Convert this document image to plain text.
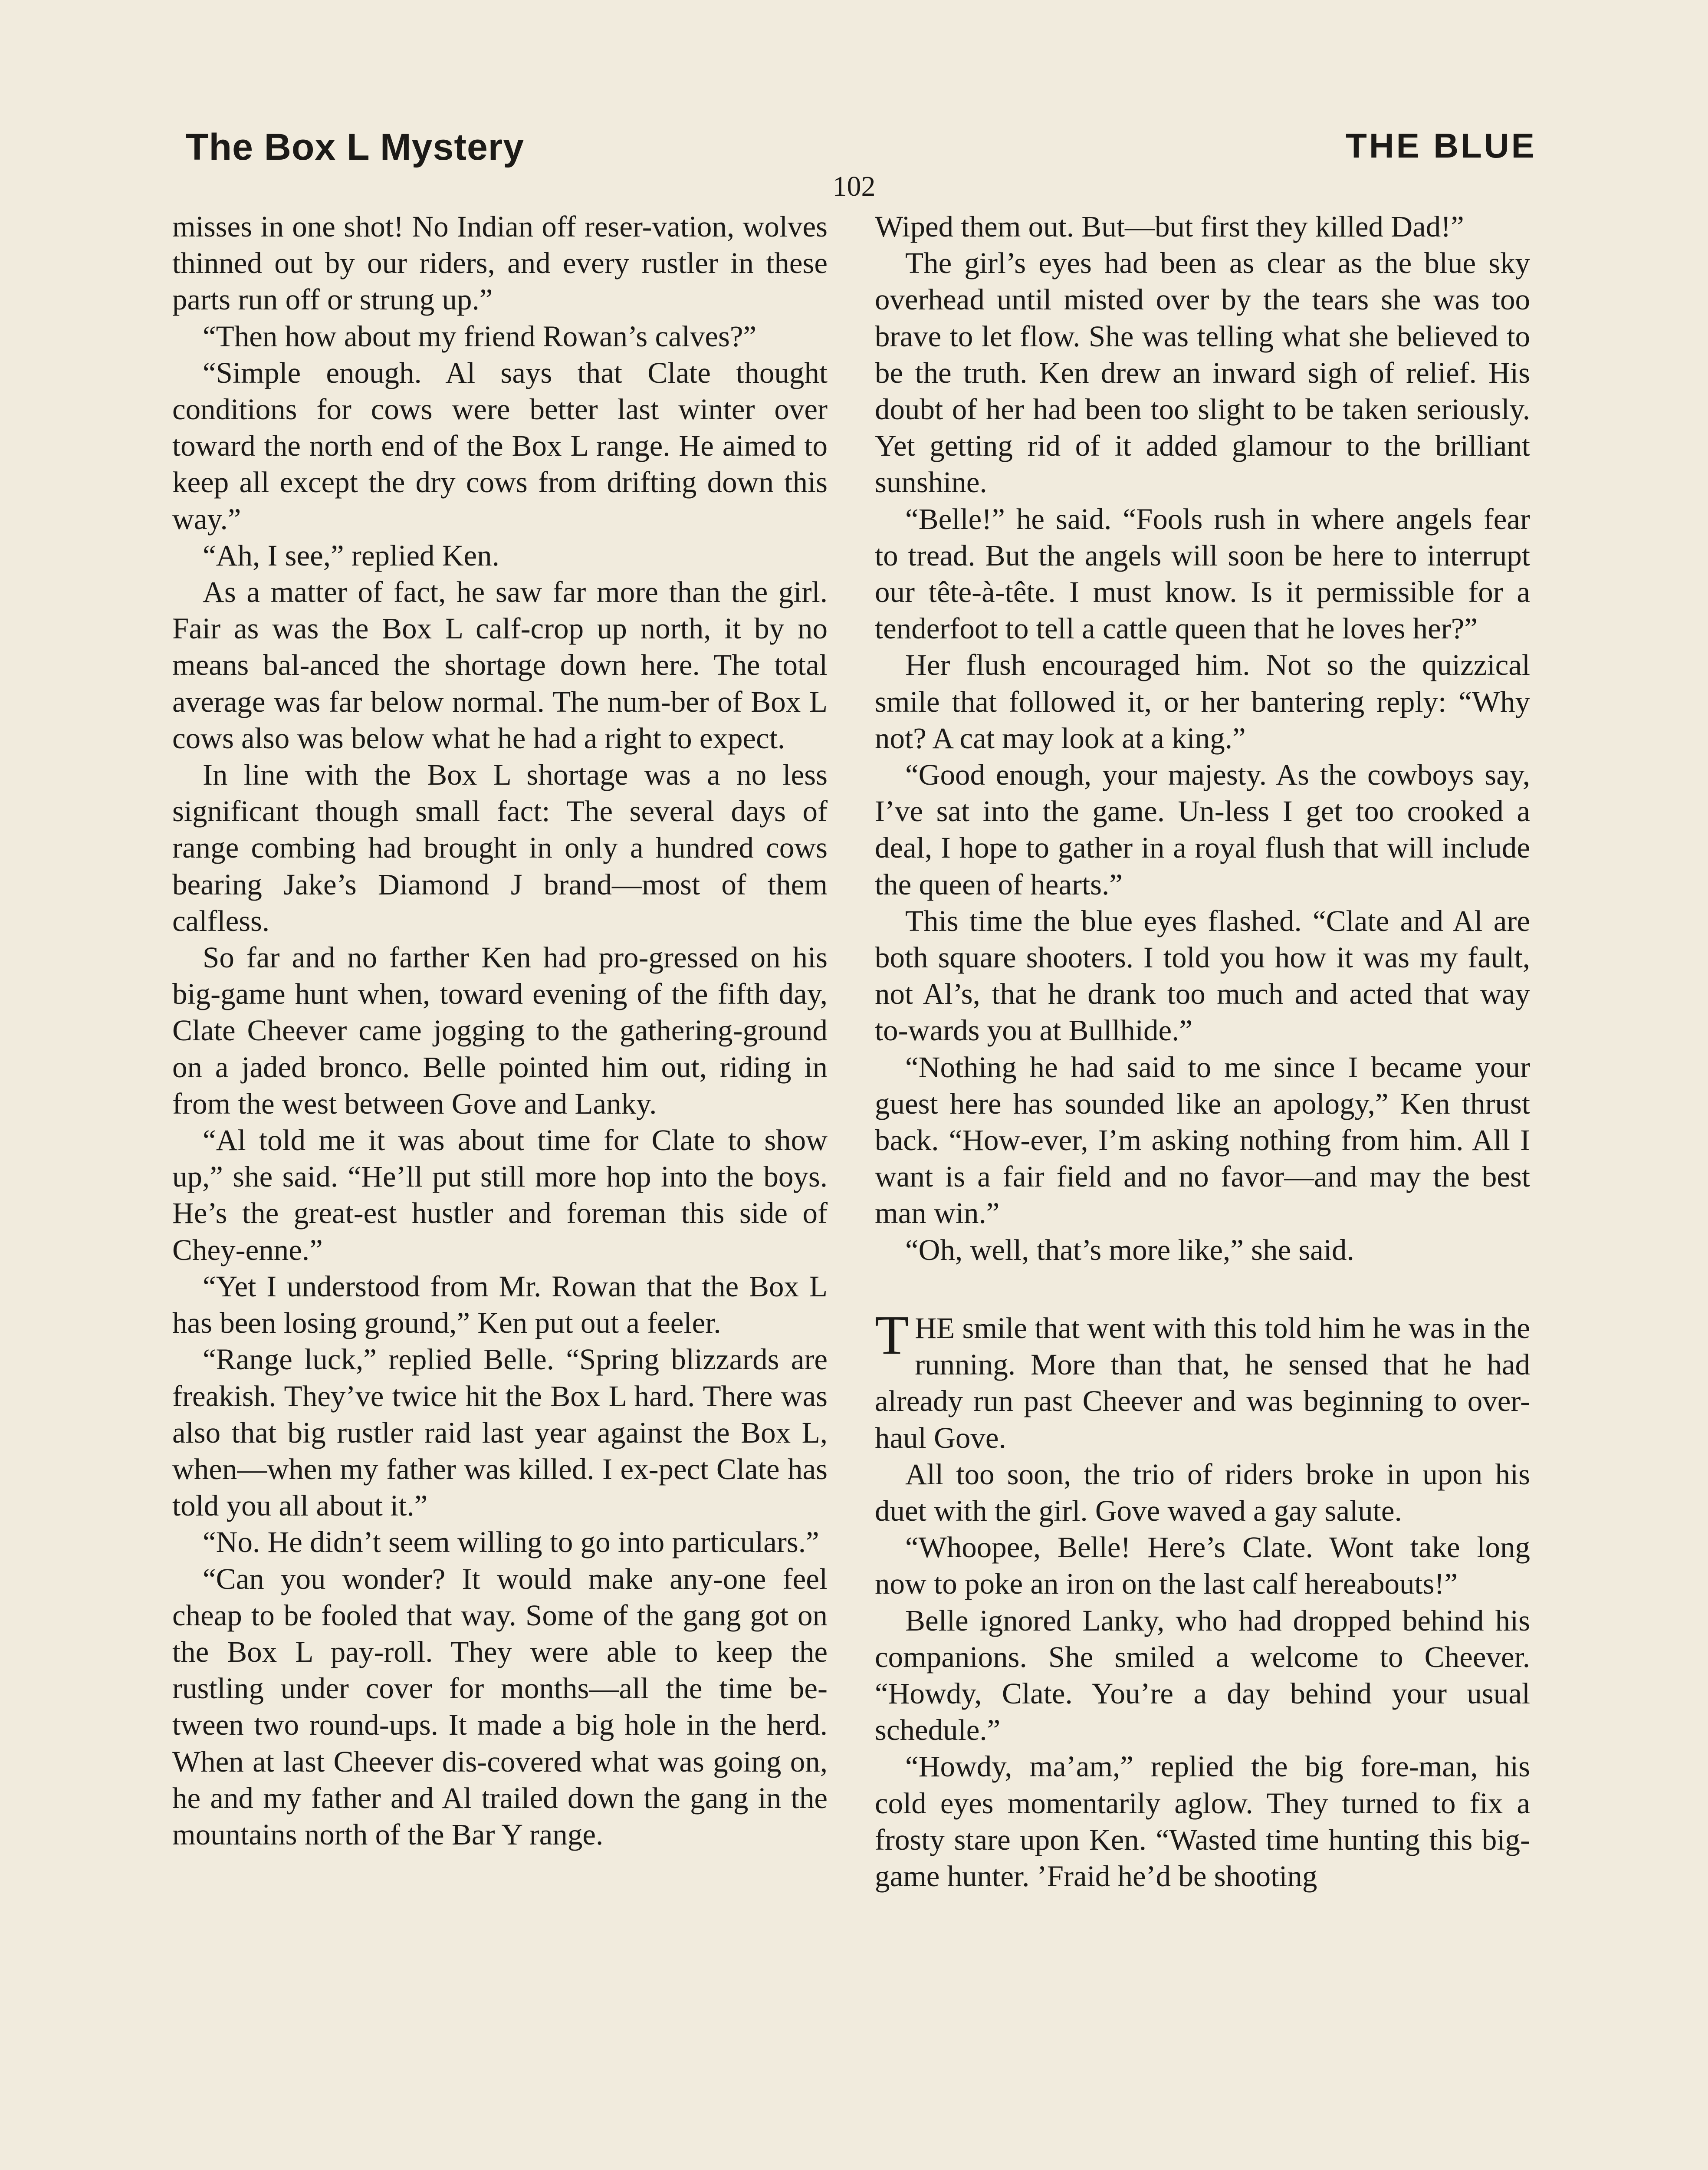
The Box L Mystery	THE BLUE
102

misses in one shot! No Indian off reser-vation, wolves thinned out by our riders, and every rustler in these parts run off or strung up.”

“Then how about my friend Rowan’s calves?”

“Simple enough. Al says that Clate thought conditions for cows were better last winter over toward the north end of the Box L range. He aimed to keep all except the dry cows from drifting down this way.”

“Ah, I see,” replied Ken.

As a matter of fact, he saw far more than the girl. Fair as was the Box L calf-crop up north, it by no means bal-anced the shortage down here. The total average was far below normal. The num-ber of Box L cows also was below what he had a right to expect.

In line with the Box L shortage was a no less significant though small fact: The several days of range combing had brought in only a hundred cows bearing Jake’s Diamond J brand—most of them calfless.

So far and no farther Ken had pro-gressed on his big-game hunt when, toward evening of the fifth day, Clate Cheever came jogging to the gathering-ground on a jaded bronco. Belle pointed him out, riding in from the west between Gove and Lanky.

“Al told me it was about time for Clate to show up,” she said. “He’ll put still more hop into the boys. He’s the great-est hustler and foreman this side of Chey-enne.”

“Yet I understood from Mr. Rowan that the Box L has been losing ground,” Ken put out a feeler.

“Range luck,” replied Belle. “Spring blizzards are freakish. They’ve twice hit the Box L hard. There was also that big rustler raid last year against the Box L, when—when my father was killed. I ex-pect Clate has told you all about it.”

“No. He didn’t seem willing to go into particulars.”

“Can you wonder? It would make any-one feel cheap to be fooled that way. Some of the gang got on the Box L pay-roll. They were able to keep the rustling under cover for months—all the time be-tween two round-ups. It made a big hole in the herd. When at last Cheever dis-covered what was going on, he and my father and Al trailed down the gang in the mountains north of the Bar Y range.

Wiped them out. But—but first they killed Dad!”

The girl’s eyes had been as clear as the blue sky overhead until misted over by the tears she was too brave to let flow. She was telling what she believed to be the truth. Ken drew an inward sigh of relief. His doubt of her had been too slight to be taken seriously. Yet getting rid of it added glamour to the brilliant sunshine.

“Belle!” he said. “Fools rush in where angels fear to tread. But the angels will soon be here to interrupt our tête-à-tête. I must know. Is it permissible for a tenderfoot to tell a cattle queen that he loves her?”

Her flush encouraged him. Not so the quizzical smile that followed it, or her bantering reply: “Why not? A cat may look at a king.”

“Good enough, your majesty. As the cowboys say, I’ve sat into the game. Un-less I get too crooked a deal, I hope to gather in a royal flush that will include the queen of hearts.”

This time the blue eyes flashed. “Clate and Al are both square shooters. I told you how it was my fault, not Al’s, that he drank too much and acted that way to-wards you at Bullhide.”

“Nothing he had said to me since I became your guest here has sounded like an apology,” Ken thrust back. “How-ever, I’m asking nothing from him. All I want is a fair field and no favor—and may the best man win.”

“Oh, well, that’s more like,” she said.

THE smile that went with this told him he was in the running. More than that, he sensed that he had already run past Cheever and was beginning to over-haul Gove.

All too soon, the trio of riders broke in upon his duet with the girl. Gove waved a gay salute.

“Whoopee, Belle! Here’s Clate. Wont take long now to poke an iron on the last calf hereabouts!”

Belle ignored Lanky, who had dropped behind his companions. She smiled a welcome to Cheever. “Howdy, Clate. You’re a day behind your usual schedule.”

“Howdy, ma’am,” replied the big fore-man, his cold eyes momentarily aglow. They turned to fix a frosty stare upon Ken. “Wasted time hunting this big-game hunter. ’Fraid he’d be shooting
